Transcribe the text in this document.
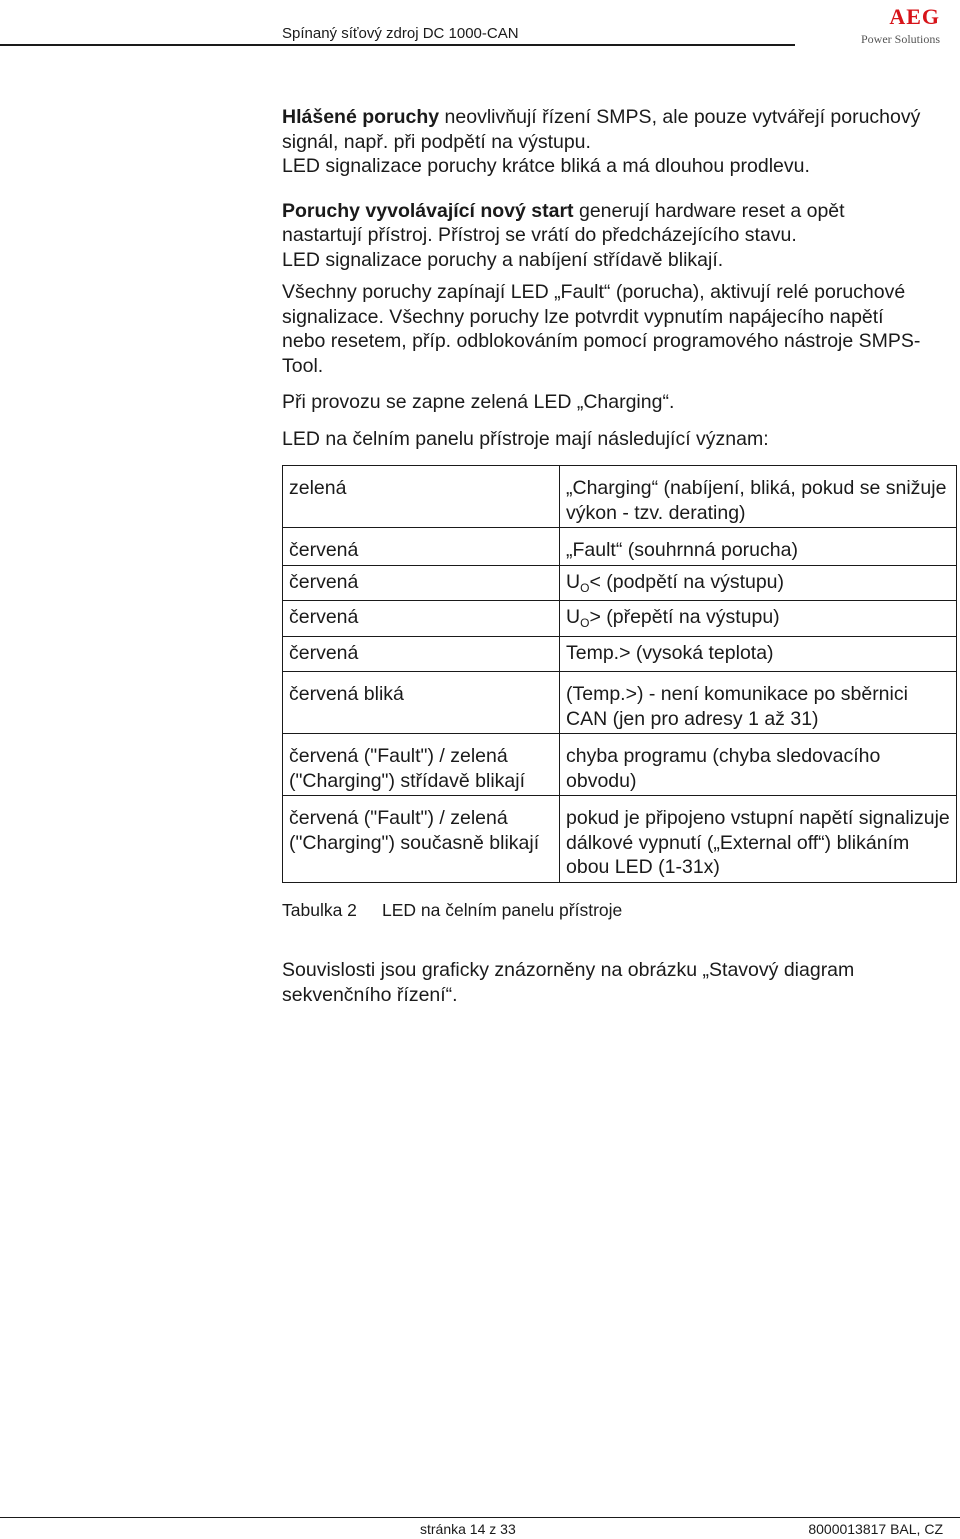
Spínaný síťový zdroj DC 1000-CAN
AEG
Power Solutions

Hlášené poruchy neovlivňují řízení SMPS, ale pouze vytvářejí poruchový signál, např. při podpětí na výstupu.

LED signalizace poruchy krátce bliká a má dlouhou prodlevu.

Poruchy vyvolávající nový start generují hardware reset a opět nastartují přístroj. Přístroj se vrátí do předcházejícího stavu.

LED signalizace poruchy a nabíjení střídavě blikají.

Všechny poruchy zapínají LED „Fault“ (porucha), aktivují relé poruchové signalizace. Všechny poruchy lze potvrdit vypnutím napájecího napětí nebo resetem, příp. odblokováním pomocí programového nástroje SMPS-Tool.

Při provozu se zapne zelená LED „Charging“.

LED na čelním panelu přístroje mají následující význam:

zelená	„Charging“ (nabíjení, bliká, pokud se snižuje výkon - tzv. derating)
červená	„Fault“ (souhrnná porucha)
červená	$U_O<$ (podpětí na výstupu)
červená	$U_O>$ (přepětí na výstupu)
červená	Temp.> (vysoká teplota)
červená bliká	(Temp.>) - není komunikace po sběrnici CAN (jen pro adresy 1 až 31)
červená ("Fault") / zelená ("Charging") střídavě blikají	chyba programu (chyba sledovacího obvodu)
červená ("Fault") / zelená ("Charging") současně blikají	pokud je připojeno vstupní napětí signalizuje dálkové vypnutí („External off“) blikáním obou LED (1-31x)
Tabulka 2 LED na čelním panelu přístroje
Souvislosti jsou graficky znázorněny na obrázku „Stavový diagram sekvenčního řízení“.
stránka 14 z 33	8000013817 BAL, CZ
